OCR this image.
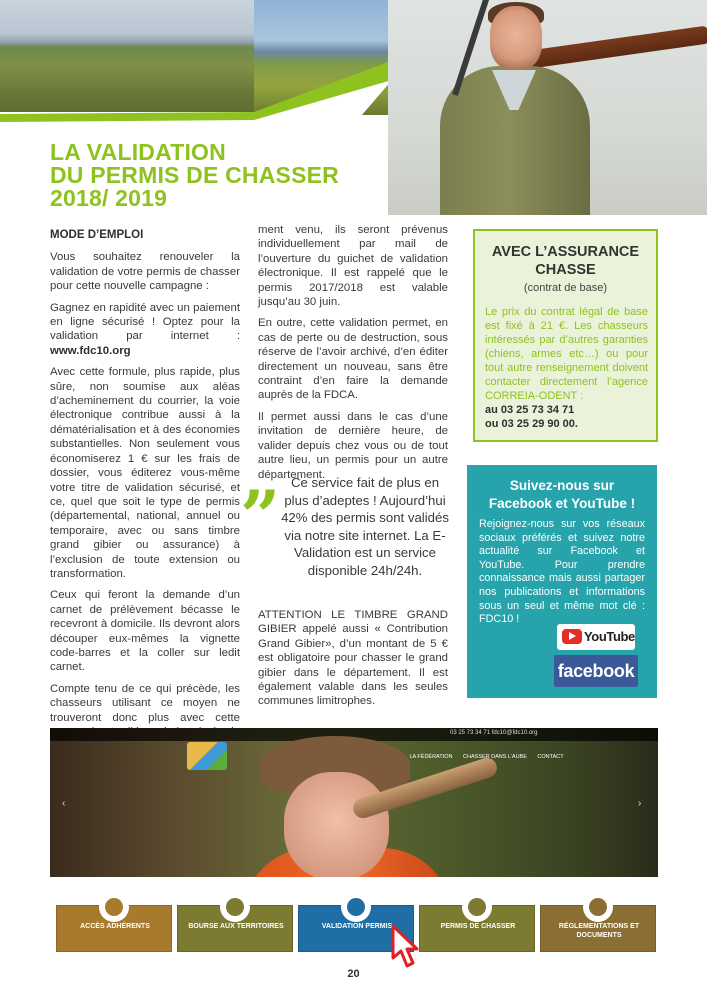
LA VALIDATION
DU PERMIS DE CHASSER
2018/ 2019
MODE D’EMPLOI

Vous souhaitez renouveler la validation de votre permis de chasser pour cette nouvelle campagne :

Gagnez en rapidité avec un paiement en ligne sécurisé ! Optez pour la validation par internet : www.fdc10.org

Avec cette formule, plus rapide, plus sûre, non soumise aux aléas d’acheminement du courrier, la voie électronique contribue aussi à la dématérialisation et à des économies substantielles. Non seulement vous économiserez 1 € sur les frais de dossier, vous éditerez vous-même votre titre de validation sécurisé, et ce, quel que soit le type de permis (départemental, national, annuel ou temporaire, avec ou sans timbre grand gibier ou assurance) à l’exclusion de toute extension ou transformation.

Ceux qui feront la demande d’un carnet de prélèvement bécasse le recevront à domicile. Ils devront alors découper eux-mêmes la vignette code-barres et la coller sur ledit carnet.

Compte tenu de ce qui précède, les chasseurs utilisant ce moyen ne trouveront donc plus avec cette

ment venu, ils seront prévenus individuellement par mail de l’ouverture du guichet de validation électronique. Il est rappelé que le permis 2017/2018 est valable jusqu’au 30 juin.

En outre, cette validation permet, en cas de perte ou de destruction, sous réserve de l’avoir archivé, d’en éditer directement un nouveau, sans être contraint d’en faire la demande auprès de la FDCA.

Il permet aussi dans le cas d’une invitation de dernière heure, de valider depuis chez vous ou de tout autre lieu, un permis pour un autre département.

” Ce service fait de plus en plus d’adeptes ! Aujourd’hui 42% des permis sont validés via notre site internet. La E-Validation est un service disponible 24h/24h.
ATTENTION LE TIMBRE GRAND GIBIER appelé aussi « Contribution Grand Gibier», d’un montant de 5 € est obligatoire pour chasser le grand gibier dans le département. Il est également valable dans les seules communes limitrophes.
AVEC L’ASSURANCE
CHASSE
(contrat de base)
Le prix du contrat légal de base est fixé à 21 €. Les chasseurs intéressés par d’autres garanties (chiens, armes etc…) ou pour tout autre renseignement doivent contacter directement l’agence CORREIA-ODENT :
au 03 25 73 34 71
ou 03 25 29 90 00.
Suivez-nous sur
Facebook et YouTube !
Rejoignez-nous sur vos réseaux sociaux préférés et suivez notre actualité sur Facebook et YouTube. Pour prendre connaissance mais aussi partager nos publications et informations sous un seul et même mot clé : FDC10 !
YouTube
facebook
03 25 73 34 71 fdc10@fdc10.org
LA FÉDÉRATION CHASSER DANS L’AUBE CONTACT
‹	›
ACCÈS ADHÉRENTS	BOURSE AUX TERRITOIRES	VALIDATION PERMIS	PERMIS DE CHASSER	RÉGLEMENTATIONS ET DOCUMENTS
20
